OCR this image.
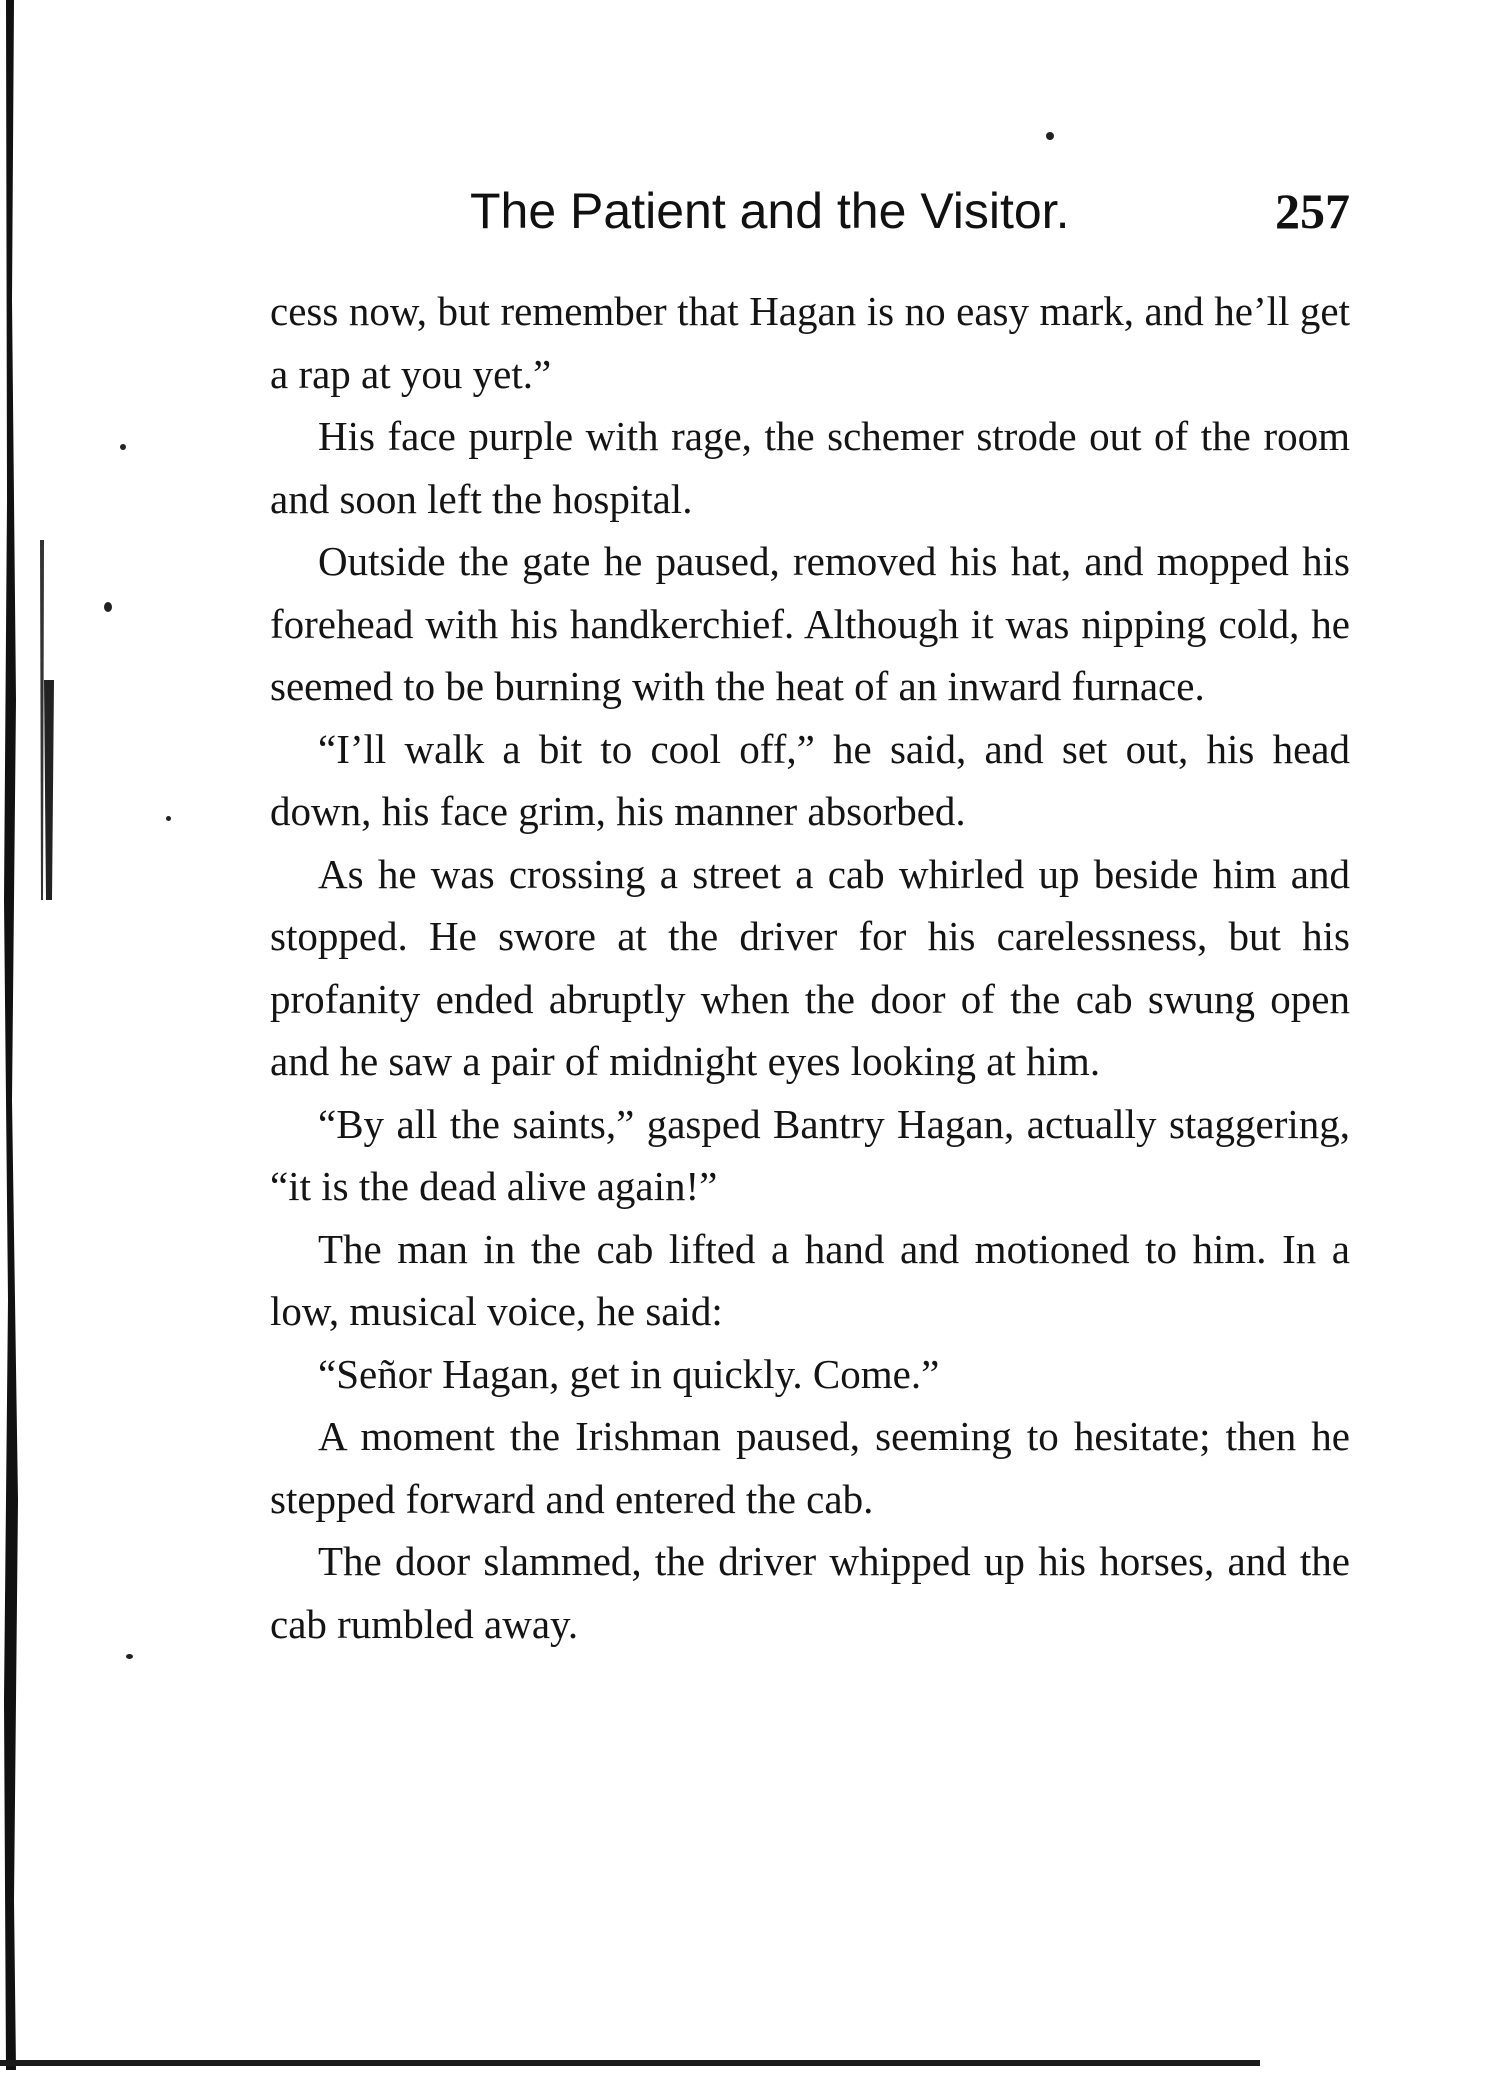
The Patient and the Visitor.	257

cess now, but remember that Hagan is no easy mark, and he’ll get a rap at you yet.”

His face purple with rage, the schemer strode out of the room and soon left the hospital.

Outside the gate he paused, removed his hat, and mopped his forehead with his handkerchief. Although it was nipping cold, he seemed to be burning with the heat of an inward furnace.

“I’ll walk a bit to cool off,” he said, and set out, his head down, his face grim, his manner absorbed.

As he was crossing a street a cab whirled up beside him and stopped. He swore at the driver for his carelessness, but his profanity ended abruptly when the door of the cab swung open and he saw a pair of midnight eyes looking at him.

“By all the saints,” gasped Bantry Hagan, actually staggering, “it is the dead alive again!”

The man in the cab lifted a hand and motioned to him. In a low, musical voice, he said:

“Señor Hagan, get in quickly. Come.”

A moment the Irishman paused, seeming to hesitate; then he stepped forward and entered the cab.

The door slammed, the driver whipped up his horses, and the cab rumbled away.
